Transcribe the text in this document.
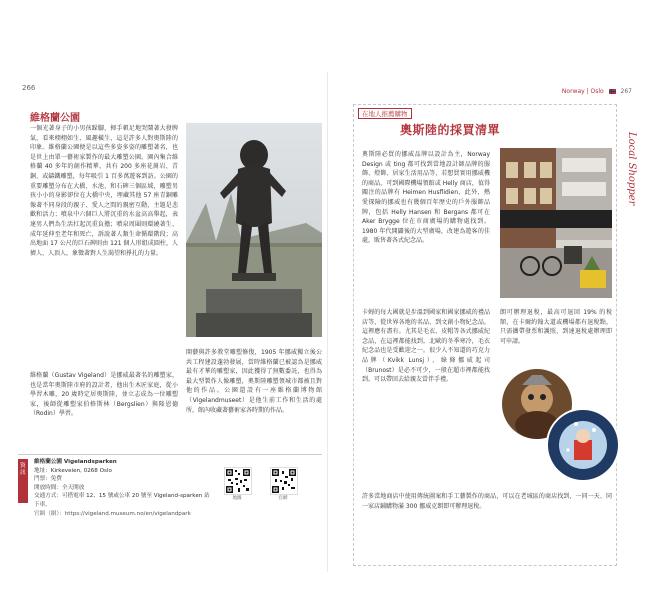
266
維格蘭公園
一個光著身子的小男孩跺腳，揮手頓足地哭鬧著大發脾氣，看來栩栩如生、風趣橫生，這是許多人對奧斯陸的印象。維格蘭公園便是以這些多姿多姿的雕塑著名，也是世上由單一藝術家製作的最大雕塑公園。園內集合維格蘭 40 多年的創作精華，共有 200 多座花崗岩、青銅、或鑄鐵雕塑，每年吸引 1 百多萬遊客到訪。公園的重要雕塑分布在大橋、水池、和石碑三個區域，雕塑男孩小小的身影卻位在大橋中央，埋藏其他 57 座青銅雕像著不同身段的親子、愛人之間的親密互動，主題是悲歡和活力；噴泉中六個巨人將沉重的水盆高高舉起，表達男人們為生活扛起沉重負擔；噴泉周圍則環繞著生、成年延伸至老年和死亡，訴說著人類生命循環階段；高出地面 17 公尺的巨石碑則由 121 個人形組成圓柱，人擠人、人頂人，象徵著對人生渴望和掙扎的力量。
維格蘭（Gustav Vigeland）是挪威最著名的雕塑家，也是當年奧斯陸市府的設計者，他出生木匠家庭，從小學習木雕，20 歲時定居奧斯陸，並立志成為一位雕塑家，後師從雕塑家伯格斯林（Bergslien）與隆恩德（Rodin）學習。
開藝與許多教堂雕塑修復，1905 年挪威獨立後公共工程建設蓬勃發展，當時維格蘭已被認為是挪威最有才華的雕塑家，因此獲得了無數委託，也得為最大型製作人像雕塑，奧斯陸雕塑領城市都被且對他的作品。公園還設有一座維格蘭博物館（Vigelandmuseet）是他生前工作和生活的處所，館內收藏著藝術家各時期的作品。
資訊
維格蘭公園 Vigelandsparken
地址：Kirkeveien, 0268 Oslo
門票：免費
開放時間：全天開放
交通方式：可搭電車 12、15 號或公車 20 號至 Vigeland-sparken 站下車。
官網（網）：https://vigeland.museum.no/en/vigelandpark
地圖	官網
Norway | Oslo	267
在地人推薦購物
奧斯陸的採買清單
Local Shopper
奧斯陸必買的挪威品牌以設計為主，Norway Design 或 ting 都可找到當地設計師品牌的服飾、燈飾、居家生活用品等，若想買實用挪威機的商品，可到國際機場領館或 Helly 商店，值得關注的品牌有 Heimen Husflidien、此外，熱愛探險的挪威也有幾個百年歷史的戶外服飾品牌，包括 Helly Hansen 和 Bergans 都可在 Aker Brygge 位在市商廣場的購物處找到。1980 年代開闢後的大型廣場，改建為遊客的佳處，販售著各式紀念品。
卡姆的每大國就是步溫到國家和國家挪威的禮品店等，從世界各地的名品、到文創小物紀念品，這裡應有盡有。尤其是毛衣、皮帽等各式挪威紀念品，在這裡都能找到。北歐的冬季寒冷，毛衣紀念品也是受歡迎之一。很少人不知道的巧克力品牌（Kvikk Lunsj）、綠條挪威起司（Brunost）是必不可少，一般在超市裡都能找到。可以帶回去給親友當伴手禮。
朗可辦理退稅，最高可退回 19% 的稅額，在卡爾約翰大道或機場都有退稅點，只需攜帶發票和護照，到達退稅處辦理即可申請。
許多當地商店中使用傳統圖案和手工藝製作的商品，可以在老城區的商店找到，一同一天、同一家店鋪購物滿 300 挪威克朗即可辦理退稅。
